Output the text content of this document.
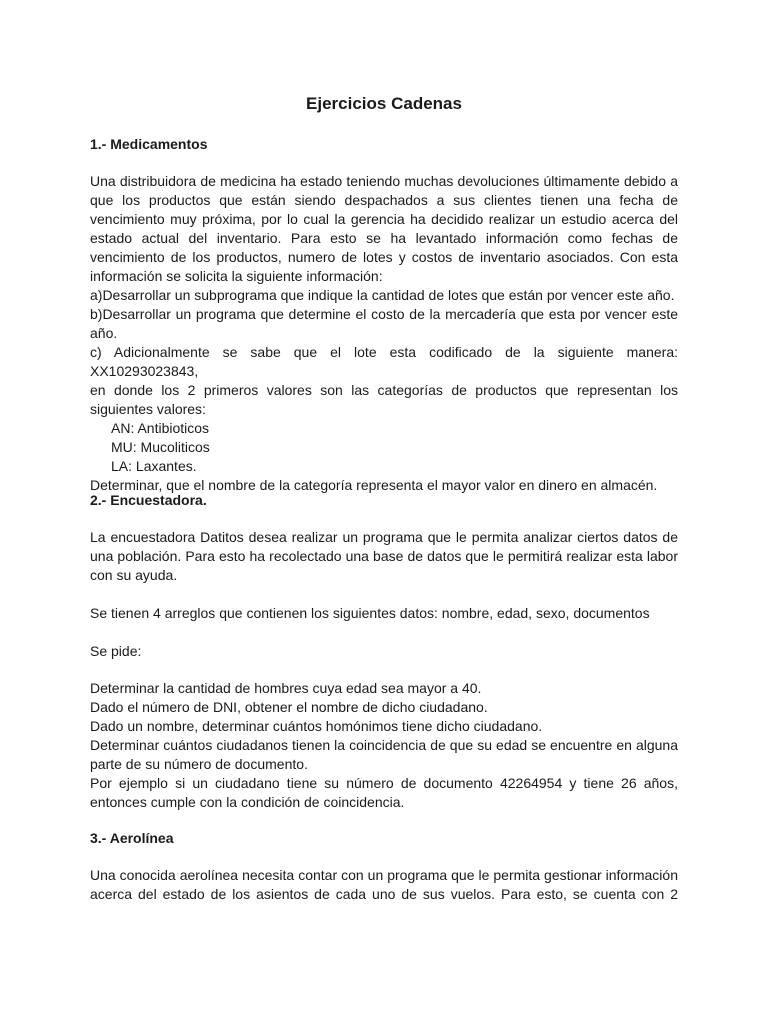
Ejercicios Cadenas
1.- Medicamentos
Una distribuidora de medicina ha estado teniendo muchas devoluciones últimamente debido a
que los productos que están siendo despachados a sus clientes tienen una fecha de
vencimiento muy próxima, por lo cual la gerencia ha decidido realizar un estudio acerca del
estado actual del inventario. Para esto se ha levantado información como fechas de
vencimiento de los productos, numero de lotes y costos de inventario asociados. Con esta
información se solicita la siguiente información:
a)Desarrollar un subprograma que indique la cantidad de lotes que están por vencer este año.
b)Desarrollar un programa que determine el costo de la mercadería que esta por vencer este
año.
c) Adicionalmente se sabe que el lote esta codificado de la siguiente manera: XX10293023843,
en donde los 2 primeros valores son las categorías de productos que representan los
siguientes valores:
AN: Antibioticos
MU: Mucoliticos
LA: Laxantes.
Determinar, que el nombre de la categoría representa el mayor valor en dinero en almacén.
2.- Encuestadora.
La encuestadora Datitos desea realizar un programa que le permita analizar ciertos datos de
una población. Para esto ha recolectado una base de datos que le permitirá realizar esta labor
con su ayuda.
Se tienen 4 arreglos que contienen los siguientes datos: nombre, edad, sexo, documentos
Se pide:
Determinar la cantidad de hombres cuya edad sea mayor a 40.
Dado el número de DNI, obtener el nombre de dicho ciudadano.
Dado un nombre, determinar cuántos homónimos tiene dicho ciudadano.
Determinar cuántos ciudadanos tienen la coincidencia de que su edad se encuentre en alguna
parte de su número de documento.
Por ejemplo si un ciudadano tiene su número de documento 42264954 y tiene 26 años,
entonces cumple con la condición de coincidencia.
3.- Aerolínea
Una conocida aerolínea necesita contar con un programa que le permita gestionar información
acerca del estado de los asientos de cada uno de sus vuelos. Para esto, se cuenta con 2
